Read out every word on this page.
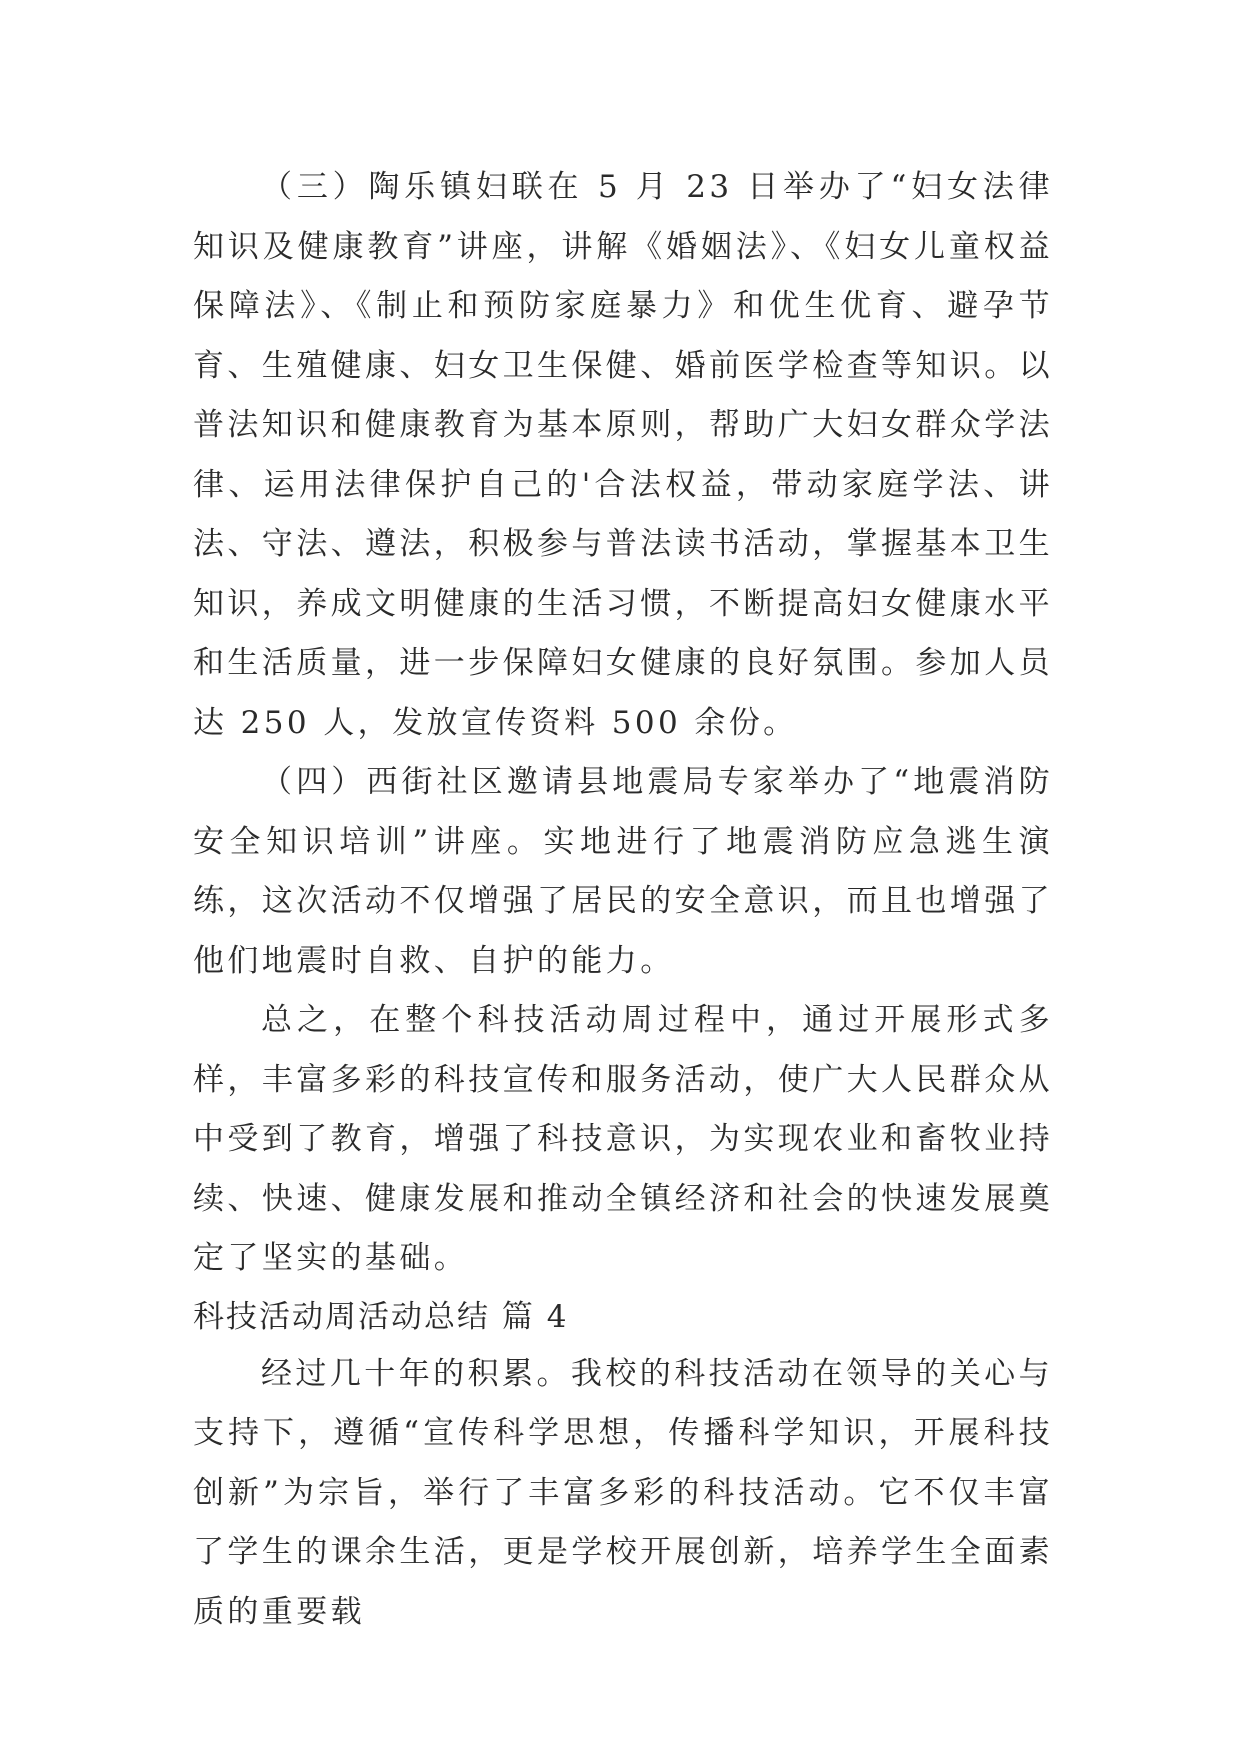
（三）陶乐镇妇联在 5 月 23 日举办了“妇女法律知识及健康教育”讲座，讲解《婚姻法》、《妇女儿童权益保障法》、《制止和预防家庭暴力》和优生优育、避孕节育、生殖健康、妇女卫生保健、婚前医学检查等知识。以普法知识和健康教育为基本原则，帮助广大妇女群众学法律、运用法律保护自己的'合法权益，带动家庭学法、讲法、守法、遵法，积极参与普法读书活动，掌握基本卫生知识，养成文明健康的生活习惯，不断提高妇女健康水平和生活质量，进一步保障妇女健康的良好氛围。参加人员达 250 人，发放宣传资料 500 余份。

（四）西街社区邀请县地震局专家举办了“地震消防安全知识培训”讲座。实地进行了地震消防应急逃生演练，这次活动不仅增强了居民的安全意识，而且也增强了他们地震时自救、自护的能力。

总之，在整个科技活动周过程中，通过开展形式多样，丰富多彩的科技宣传和服务活动，使广大人民群众从中受到了教育，增强了科技意识，为实现农业和畜牧业持续、快速、健康发展和推动全镇经济和社会的快速发展奠定了坚实的基础。

科技活动周活动总结 篇 4

经过几十年的积累。我校的科技活动在领导的关心与支持下，遵循“宣传科学思想，传播科学知识，开展科技创新”为宗旨，举行了丰富多彩的科技活动。它不仅丰富了学生的课余生活，更是学校开展创新，培养学生全面素质的重要载
